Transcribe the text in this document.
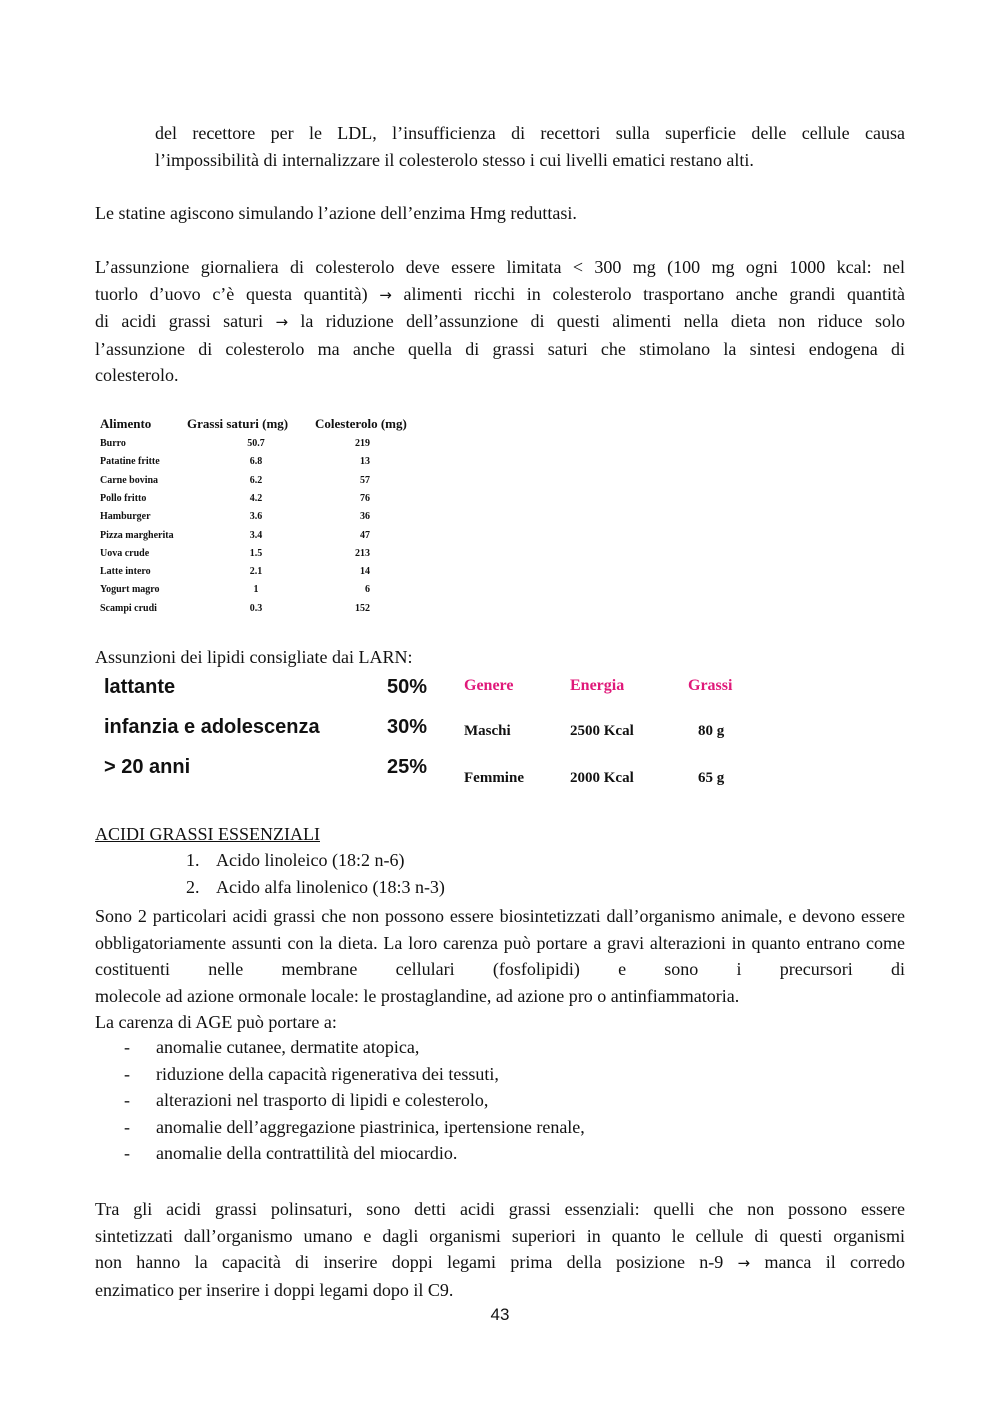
del recettore per le LDL, l’insufficienza di recettori sulla superficie delle cellule causa
l’impossibilità di internalizzare il colesterolo stesso i cui livelli ematici restano alti.
Le statine agiscono simulando l’azione dell’enzima Hmg reduttasi.
L’assunzione giornaliera di colesterolo deve essere limitata < 300 mg (100 mg ogni 1000 kcal: nel
tuorlo d’uovo c’è questa quantità) → alimenti ricchi in colesterolo trasportano anche grandi quantità
di acidi grassi saturi → la riduzione dell’assunzione di questi alimenti nella dieta non riduce solo
l’assunzione di colesterolo ma anche quella di grassi saturi che stimolano la sintesi endogena di
colesterolo.
Alimento	Grassi saturi (mg) Colesterolo (mg)
Burro	50.7	219
Patatine fritte	6.8	13
Carne bovina	6.2	57
Pollo fritto	4.2	76
Hamburger	3.6	36
Pizza margherita	3.4	47
Uova crude	1.5	213
Latte intero	2.1	14
Yogurt magro	1	6
Scampi crudi	0.3	152
Assunzioni dei lipidi consigliate dai LARN:
lattante	50%
infanzia e adolescenza	30%
> 20 anni	25%
Genere	Energia	Grassi
Maschi	2500 Kcal	80 g
Femmine	2000 Kcal	65 g
ACIDI GRASSI ESSENZIALI
1. Acido linoleico (18:2 n-6)
2. Acido alfa linolenico (18:3 n-3)
Sono 2 particolari acidi grassi che non possono essere biosintetizzati dall’organismo animale, e devono essere obbligatoriamente assunti con la dieta. La loro carenza può portare a gravi alterazioni in quanto entrano come costituenti nelle membrane cellulari (fosfolipidi) e sono i precursori di
molecole ad azione ormonale locale: le prostaglandine, ad azione pro o antinfiammatoria.
La carenza di AGE può portare a:
- anomalie cutanee, dermatite atopica,
- riduzione della capacità rigenerativa dei tessuti,
- alterazioni nel trasporto di lipidi e colesterolo,
- anomalie dell’aggregazione piastrinica, ipertensione renale,
- anomalie della contrattilità del miocardio.
Tra gli acidi grassi polinsaturi, sono detti acidi grassi essenziali: quelli che non possono essere
sintetizzati dall’organismo umano e dagli organismi superiori in quanto le cellule di questi organismi
non hanno la capacità di inserire doppi legami prima della posizione n-9 → manca il corredo
enzimatico per inserire i doppi legami dopo il C9.
43
